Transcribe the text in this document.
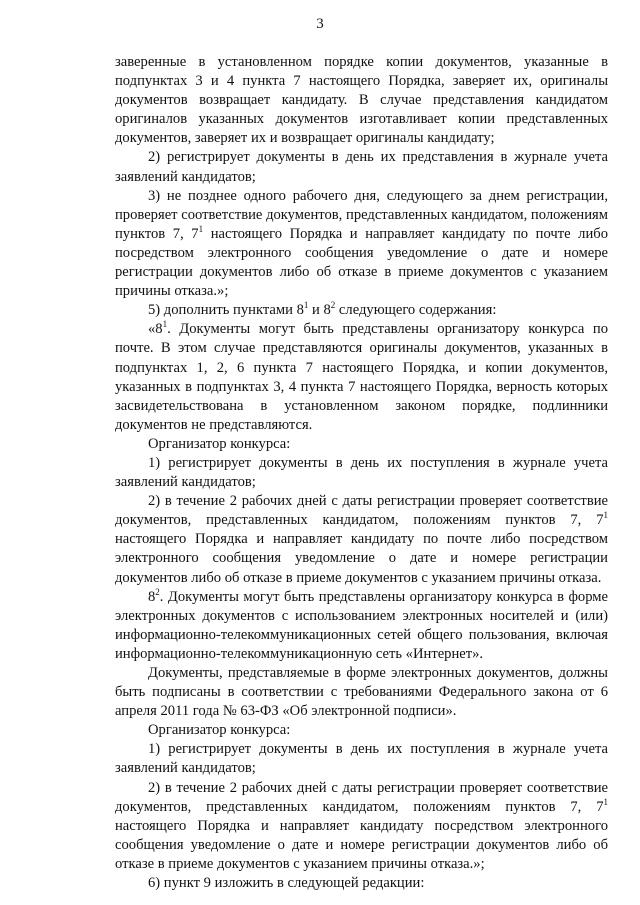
3

заверенные в установленном порядке копии документов, указанные в подпунктах 3 и 4 пункта 7 настоящего Порядка, заверяет их, оригиналы документов возвращает кандидату. В случае представления кандидатом оригиналов указанных документов изготавливает копии представленных документов, заверяет их и возвращает оригиналы кандидату;

2) регистрирует документы в день их представления в журнале учета заявлений кандидатов;

3) не позднее одного рабочего дня, следующего за днем регистрации, проверяет соответствие документов, представленных кандидатом, положениям пунктов 7, $7^1$ настоящего Порядка и направляет кандидату по почте либо посредством электронного сообщения уведомление о дате и номере регистрации документов либо об отказе в приеме документов с указанием причины отказа.»;

5) дополнить пунктами $8^1$ и $8^2$ следующего содержания:

«$8^1$. Документы могут быть представлены организатору конкурса по почте. В этом случае представляются оригиналы документов, указанных в подпунктах 1, 2, 6 пункта 7 настоящего Порядка, и копии документов, указанных в подпунктах 3, 4 пункта 7 настоящего Порядка, верность которых засвидетельствована в установленном законом порядке, подлинники документов не представляются.

Организатор конкурса:

1) регистрирует документы в день их поступления в журнале учета заявлений кандидатов;

2) в течение 2 рабочих дней с даты регистрации проверяет соответствие документов, представленных кандидатом, положениям пунктов 7, $7^1$ настоящего Порядка и направляет кандидату по почте либо посредством электронного сообщения уведомление о дате и номере регистрации документов либо об отказе в приеме документов с указанием причины отказа.

$8^2$. Документы могут быть представлены организатору конкурса в форме электронных документов с использованием электронных носителей и (или) информационно-телекоммуникационных сетей общего пользования, включая информационно-телекоммуникационную сеть «Интернет».

Документы, представляемые в форме электронных документов, должны быть подписаны в соответствии с требованиями Федерального закона от 6 апреля 2011 года № 63-ФЗ «Об электронной подписи».

Организатор конкурса:

1) регистрирует документы в день их поступления в журнале учета заявлений кандидатов;

2) в течение 2 рабочих дней с даты регистрации проверяет соответствие документов, представленных кандидатом, положениям пунктов 7, $7^1$ настоящего Порядка и направляет кандидату посредством электронного сообщения уведомление о дате и номере регистрации документов либо об отказе в приеме документов с указанием причины отказа.»;

6) пункт 9 изложить в следующей редакции:
